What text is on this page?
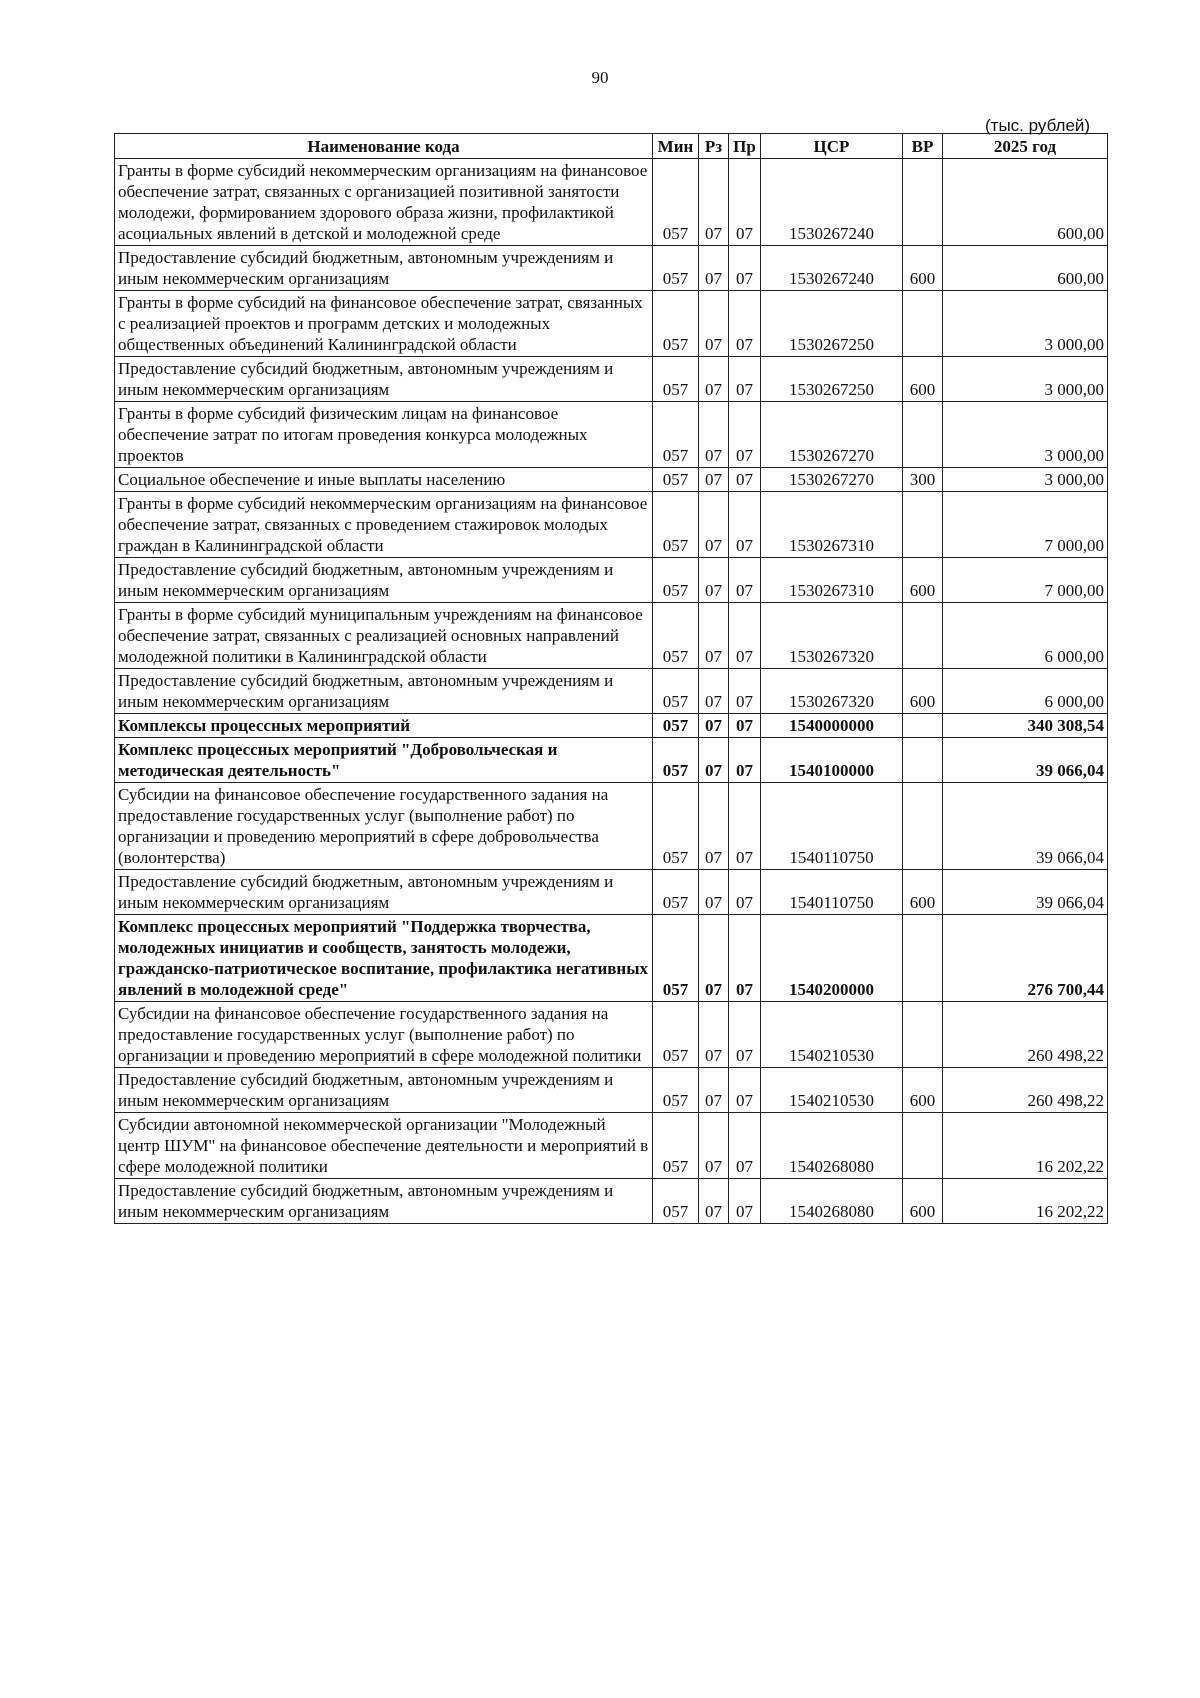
90
(тыс. рублей)
Наименование кода	Мин	Рз	Пр	ЦСР	ВР	2025 год
Гранты в форме субсидий некоммерческим организациям на финансовое обеспечение затрат, связанных с организацией позитивной занятости молодежи, формированием здорового образа жизни, профилактикой асоциальных явлений в детской и молодежной среде	057	07	07	1530267240		600,00
Предоставление субсидий бюджетным, автономным учреждениям и иным некоммерческим организациям	057	07	07	1530267240	600	600,00
Гранты в форме субсидий на финансовое обеспечение затрат, связанных с реализацией проектов и программ детских и молодежных общественных объединений Калининградской области	057	07	07	1530267250		3 000,00
Предоставление субсидий бюджетным, автономным учреждениям и иным некоммерческим организациям	057	07	07	1530267250	600	3 000,00
Гранты в форме субсидий физическим лицам на финансовое обеспечение затрат по итогам проведения конкурса молодежных проектов	057	07	07	1530267270		3 000,00
Социальное обеспечение и иные выплаты населению	057	07	07	1530267270	300	3 000,00
Гранты в форме субсидий некоммерческим организациям на финансовое обеспечение затрат, связанных с проведением стажировок молодых граждан в Калининградской области	057	07	07	1530267310		7 000,00
Предоставление субсидий бюджетным, автономным учреждениям и иным некоммерческим организациям	057	07	07	1530267310	600	7 000,00
Гранты в форме субсидий муниципальным учреждениям на финансовое обеспечение затрат, связанных с реализацией основных направлений молодежной политики в Калининградской области	057	07	07	1530267320		6 000,00
Предоставление субсидий бюджетным, автономным учреждениям и иным некоммерческим организациям	057	07	07	1530267320	600	6 000,00
Комплексы процессных мероприятий	057	07	07	1540000000		340 308,54
Комплекс процессных мероприятий "Добровольческая и методическая деятельность"	057	07	07	1540100000		39 066,04
Субсидии на финансовое обеспечение государственного задания на предоставление государственных услуг (выполнение работ) по организации и проведению мероприятий в сфере добровольчества (волонтерства)	057	07	07	1540110750		39 066,04
Предоставление субсидий бюджетным, автономным учреждениям и иным некоммерческим организациям	057	07	07	1540110750	600	39 066,04
Комплекс процессных мероприятий "Поддержка творчества, молодежных инициатив и сообществ, занятость молодежи, гражданско-патриотическое воспитание, профилактика негативных явлений в молодежной среде"	057	07	07	1540200000		276 700,44
Субсидии на финансовое обеспечение государственного задания на предоставление государственных услуг (выполнение работ) по организации и проведению мероприятий в сфере молодежной политики	057	07	07	1540210530		260 498,22
Предоставление субсидий бюджетным, автономным учреждениям и иным некоммерческим организациям	057	07	07	1540210530	600	260 498,22
Субсидии автономной некоммерческой организации "Молодежный центр ШУМ" на финансовое обеспечение деятельности и мероприятий в сфере молодежной политики	057	07	07	1540268080		16 202,22
Предоставление субсидий бюджетным, автономным учреждениям и иным некоммерческим организациям	057	07	07	1540268080	600	16 202,22
